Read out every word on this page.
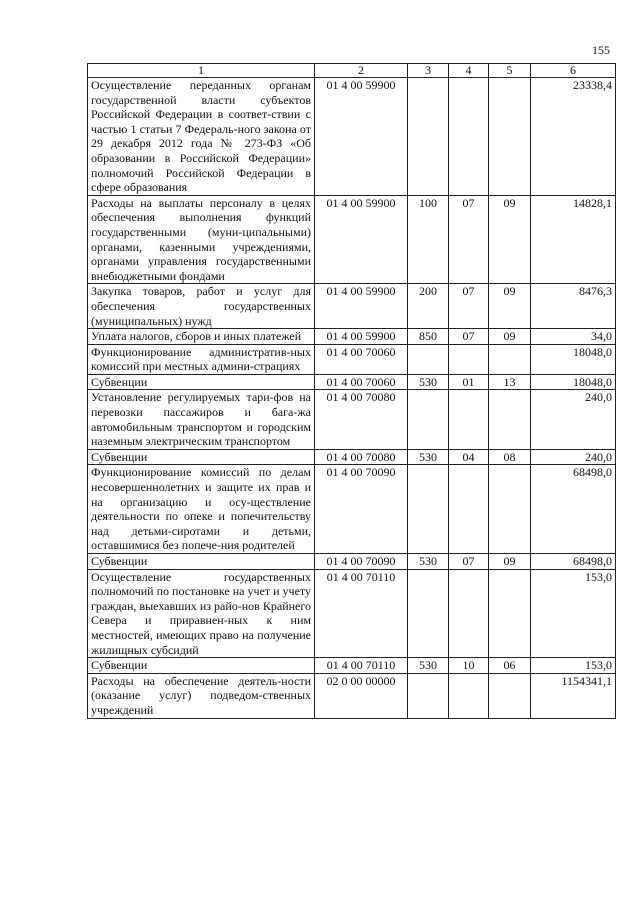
155
1	2	3	4	5	6
Осуществление переданных органам государственной власти субъектов Российской Федерации в соответ-ствии с частью 1 статьи 7 Федераль-ного закона от 29 декабря 2012 года № 273-ФЗ «Об образовании в Российской Федерации» полномочий Российской Федерации в сфере образования	01 4 00 59900				23338,4
Расходы на выплаты персоналу в целях обеспечения выполнения функций государственными (муни-ципальными) органами, казенными учреждениями, органами управления государственными внебюджетными фондами	01 4 00 59900	100	07	09	14828,1
Закупка товаров, работ и услуг для обеспечения государственных (муниципальных) нужд	01 4 00 59900	200	07	09	8476,3
Уплата налогов, сборов и иных платежей	01 4 00 59900	850	07	09	34,0
Функционирование административ-ных комиссий при местных админи-страциях	01 4 00 70060				18048,0
Субвенции	01 4 00 70060	530	01	13	18048,0
Установление регулируемых тари-фов на перевозки пассажиров и бага-жа автомобильным транспортом и городским наземным электрическим транспортом	01 4 00 70080				240,0
Субвенции	01 4 00 70080	530	04	08	240,0
Функционирование комиссий по делам несовершеннолетних и защите их прав и на организацию и осу-ществление деятельности по опеке и попечительству над детьми-сиротами и детьми, оставшимися без попече-ния родителей	01 4 00 70090				68498,0
Субвенции	01 4 00 70090	530	07	09	68498,0
Осуществление государственных полномочий по постановке на учет и учету граждан, выехавших из райо-нов Крайнего Севера и приравнен-ных к ним местностей, имеющих право на получение жилищных субсидий	01 4 00 70110				153,0
Субвенции	01 4 00 70110	530	10	06	153,0
Расходы на обеспечение деятель-ности (оказание услуг) подведом-ственных учреждений	02 0 00 00000				1154341,1
